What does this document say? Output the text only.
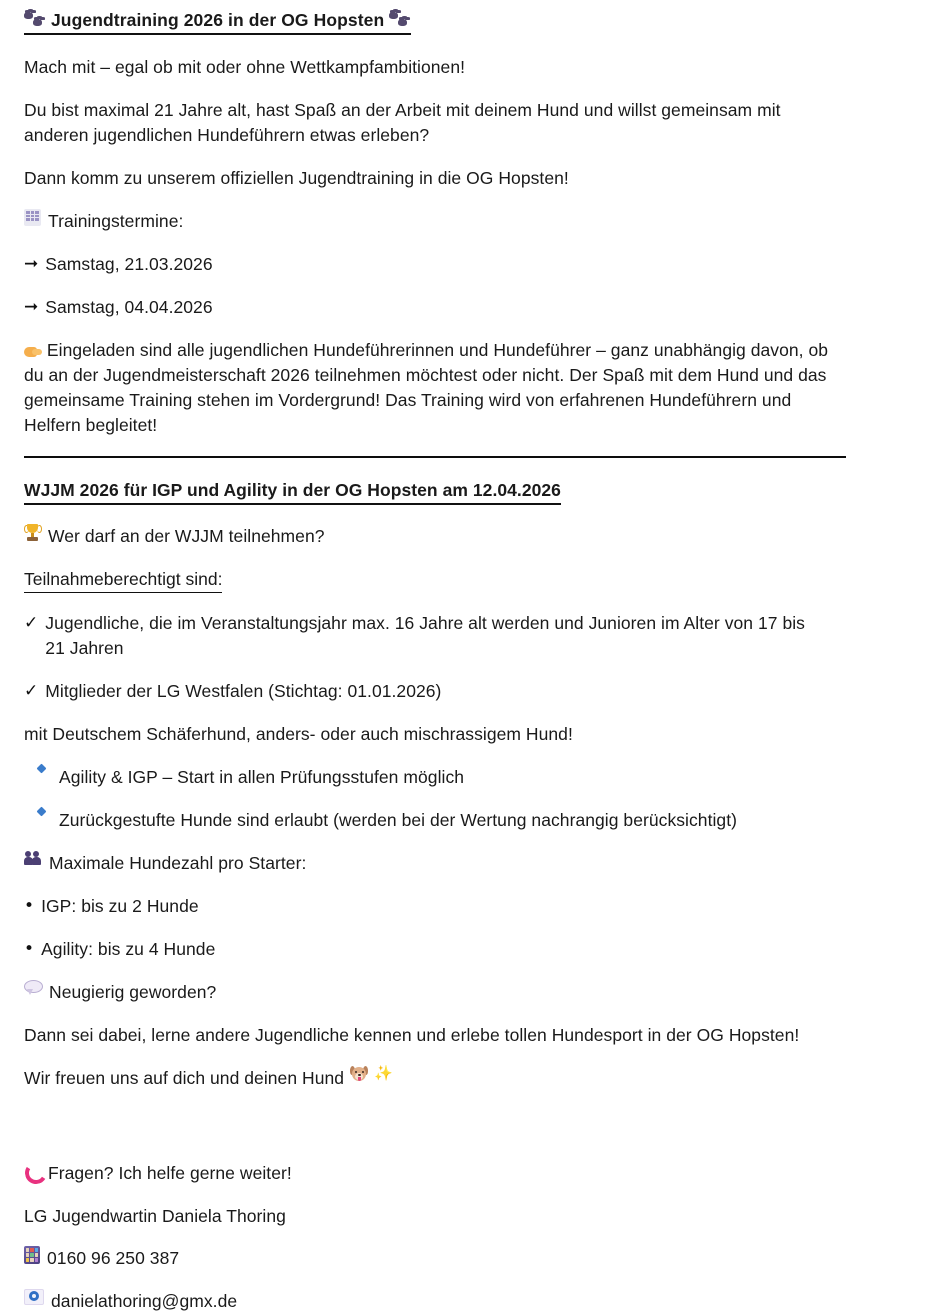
Jugendtraining 2026 in der OG Hopsten

Mach mit – egal ob mit oder ohne Wettkampfambitionen!

Du bist maximal 21 Jahre alt, hast Spaß an der Arbeit mit deinem Hund und willst gemeinsam mit anderen jugendlichen Hundeführern etwas erleben?

Dann komm zu unserem offiziellen Jugendtraining in die OG Hopsten!

Trainingstermine:

➞ Samstag, 21.03.2026

➞ Samstag, 04.04.2026

Eingeladen sind alle jugendlichen Hundeführerinnen und Hundeführer – ganz unabhängig davon, ob du an der Jugendmeisterschaft 2026 teilnehmen möchtest oder nicht. Der Spaß mit dem Hund und das gemeinsame Training stehen im Vordergrund! Das Training wird von erfahrenen Hundeführern und Helfern begleitet!

WJJM 2026 für IGP und Agility in der OG Hopsten am 12.04.2026

Wer darf an der WJJM teilnehmen?

Teilnahmeberechtigt sind:

✓ Jugendliche, die im Veranstaltungsjahr max. 16 Jahre alt werden und Junioren im Alter von 17 bis 21 Jahren

✓ Mitglieder der LG Westfalen (Stichtag: 01.01.2026)

mit Deutschem Schäferhund, anders- oder auch mischrassigem Hund!

Agility & IGP – Start in allen Prüfungsstufen möglich

Zurückgestufte Hunde sind erlaubt (werden bei der Wertung nachrangig berücksichtigt)

Maximale Hundezahl pro Starter:

• IGP: bis zu 2 Hunde

• Agility: bis zu 4 Hunde

Neugierig geworden?

Dann sei dabei, lerne andere Jugendliche kennen und erlebe tollen Hundesport in der OG Hopsten!

Wir freuen uns auf dich und deinen Hund ✨

Fragen? Ich helfe gerne weiter!

LG Jugendwartin Daniela Thoring

0160 96 250 387

danielathoring@gmx.de
